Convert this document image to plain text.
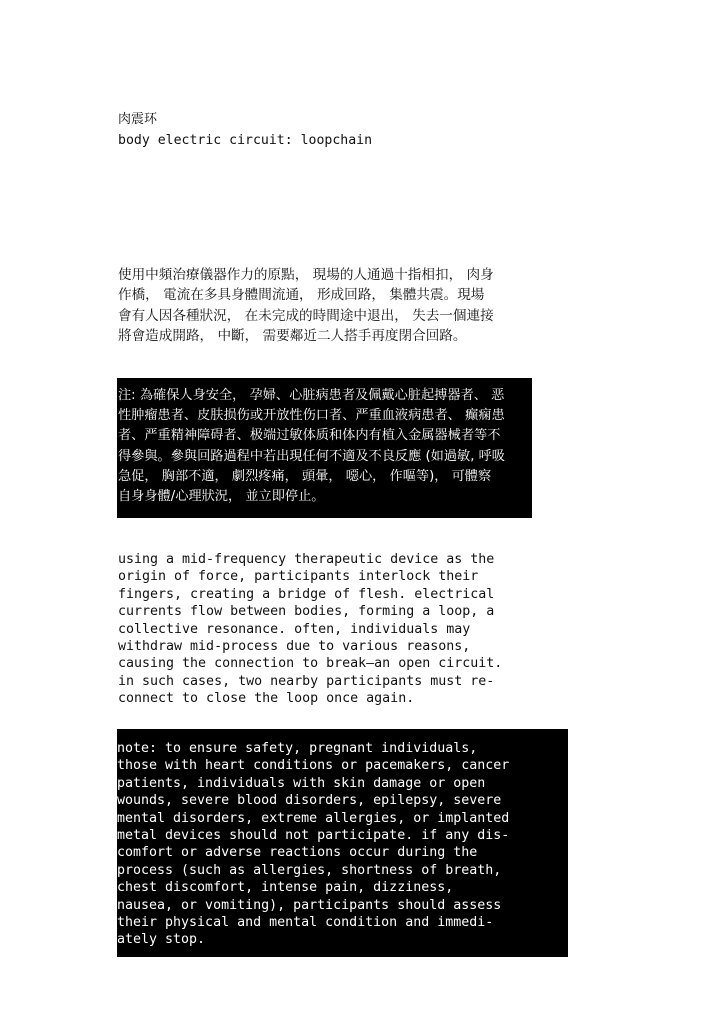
肉震环
body electric circuit: loopchain
使用中頻治療儀器作力的原點， 現場的人通過十指相扣， 肉身
作橋， 電流在多具身體間流通， 形成回路， 集體共震。現場
會有人因各種狀況， 在未完成的時間途中退出， 失去一個連接
將會造成開路， 中斷， 需要鄰近二人搭手再度閉合回路。
注: 為確保人身安全， 孕婦、心脏病患者及佩戴心脏起搏器者、 恶
性肿瘤患者、皮肤损伤或开放性伤口者、严重血液病患者、 癫痫患
者、严重精神障碍者、极端过敏体质和体内有植入金属器械者等不
得參與。參與回路過程中若出現任何不適及不良反應 (如過敏, 呼吸
急促， 胸部不適， 劇烈疼痛， 頭暈， 噁心， 作嘔等)， 可體察
自身身體/心理狀況， 並立即停止。
using a mid-frequency therapeutic device as the
origin of force, participants interlock their
fingers, creating a bridge of flesh. electrical
currents flow between bodies, forming a loop, a
collective resonance. often, individuals may
withdraw mid-process due to various reasons,
causing the connection to break—an open circuit.
in such cases, two nearby participants must re-
connect to close the loop once again.
note: to ensure safety, pregnant individuals,
those with heart conditions or pacemakers, cancer
patients, individuals with skin damage or open
wounds, severe blood disorders, epilepsy, severe
mental disorders, extreme allergies, or implanted
metal devices should not participate. if any dis-
comfort or adverse reactions occur during the
process (such as allergies, shortness of breath,
chest discomfort, intense pain, dizziness,
nausea, or vomiting), participants should assess
their physical and mental condition and immedi-
ately stop.
